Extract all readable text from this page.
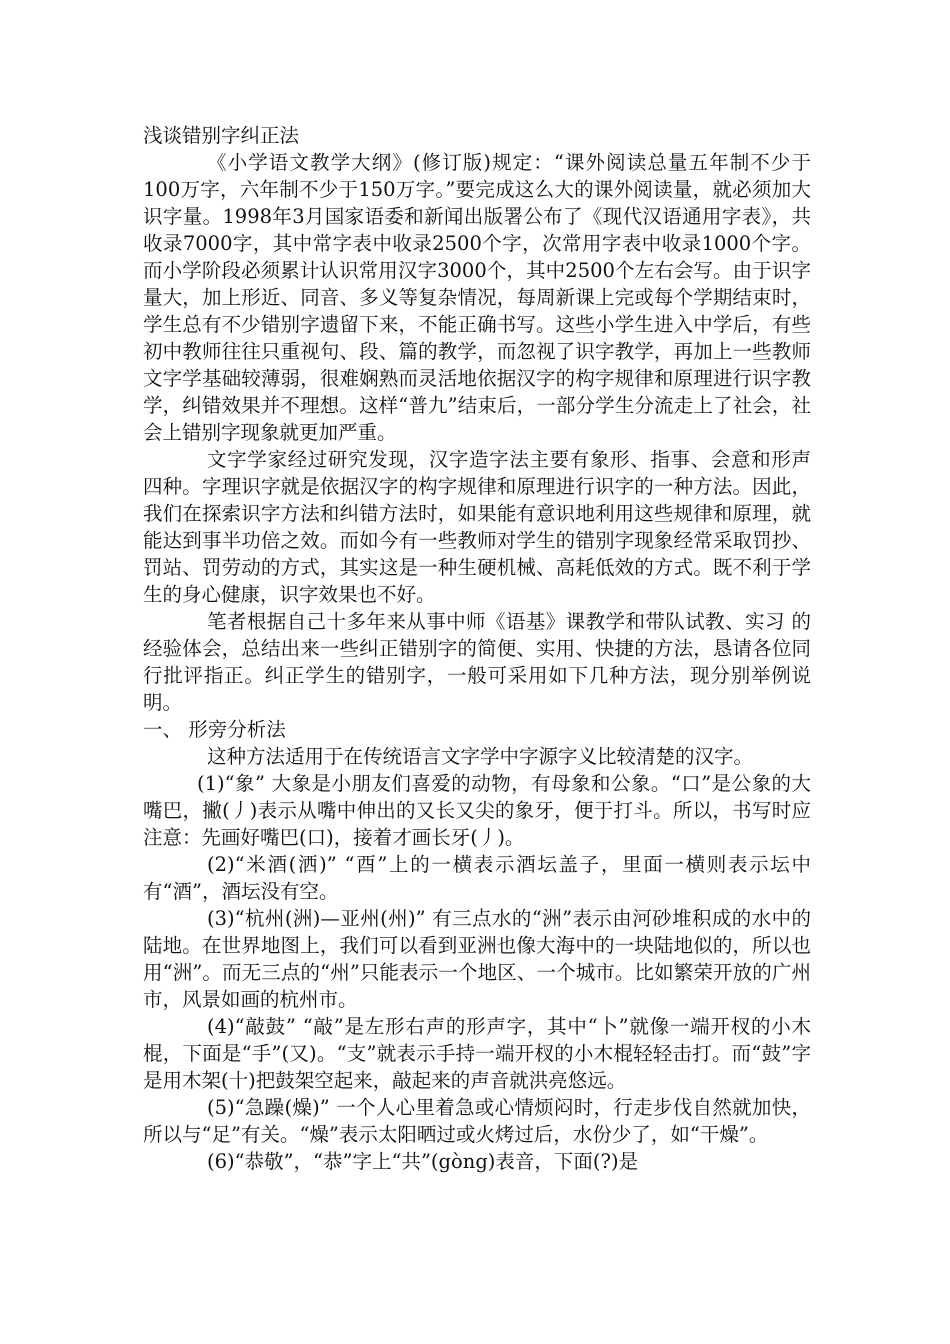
浅谈错别字纠正法

《小学语文教学大纲》(修订版)规定：“课外阅读总量五年制不少于100万字，六年制不少于150万字。”要完成这么大的课外阅读量，就必须加大识字量。1998年3月国家语委和新闻出版署公布了《现代汉语通用字表》，共收录7000字，其中常字表中收录2500个字，次常用字表中收录1000个字。而小学阶段必须累计认识常用汉字3000个，其中2500个左右会写。由于识字量大，加上形近、同音、多义等复杂情况，每周新课上完或每个学期结束时，学生总有不少错别字遗留下来，不能正确书写。这些小学生进入中学后，有些初中教师往往只重视句、段、篇的教学，而忽视了识字教学，再加上一些教师文字学基础较薄弱，很难娴熟而灵活地依据汉字的构字规律和原理进行识字教学，纠错效果并不理想。这样“普九”结束后，一部分学生分流走上了社会，社会上错别字现象就更加严重。

文字学家经过研究发现，汉字造字法主要有象形、指事、会意和形声四种。字理识字就是依据汉字的构字规律和原理进行识字的一种方法。因此，我们在探索识字方法和纠错方法时，如果能有意识地利用这些规律和原理，就能达到事半功倍之效。而如今有一些教师对学生的错别字现象经常采取罚抄、罚站、罚劳动的方式，其实这是一种生硬机械、高耗低效的方式。既不利于学生的身心健康，识字效果也不好。

笔者根据自己十多年来从事中师《语基》课教学和带队试教、实习 的经验体会，总结出来一些纠正错别字的简便、实用、快捷的方法，恳请各位同行批评指正。纠正学生的错别字，一般可采用如下几种方法，现分别举例说明。

一、 形旁分析法

这种方法适用于在传统语言文字学中字源字义比较清楚的汉字。

(1)“象” 大象是小朋友们喜爱的动物，有母象和公象。“口”是公象的大嘴巴，撇(丿)表示从嘴中伸出的又长又尖的象牙，便于打斗。所以，书写时应注意：先画好嘴巴(口)，接着才画长牙(丿)。

(2)“米酒(洒)” “酉”上的一横表示酒坛盖子，里面一横则表示坛中有“酒”，酒坛没有空。

(3)“杭州(洲)—亚州(州)” 有三点水的“洲”表示由河砂堆积成的水中的陆地。在世界地图上，我们可以看到亚洲也像大海中的一块陆地似的，所以也用“洲”。而无三点的“州”只能表示一个地区、一个城市。比如繁荣开放的广州市，风景如画的杭州市。

(4)“敲鼓” “敲”是左形右声的形声字，其中“卜”就像一端开杈的小木棍，下面是“手”(又)。“支”就表示手持一端开杈的小木棍轻轻击打。而“鼓”字是用木架(十)把鼓架空起来，敲起来的声音就洪亮悠远。

(5)“急躁(燥)” 一个人心里着急或心情烦闷时，行走步伐自然就加快，所以与“足”有关。“燥”表示太阳晒过或火烤过后，水份少了，如“干燥”。

(6)“恭敬”，“恭”字上“共”(gòng)表音，下面(?)是
